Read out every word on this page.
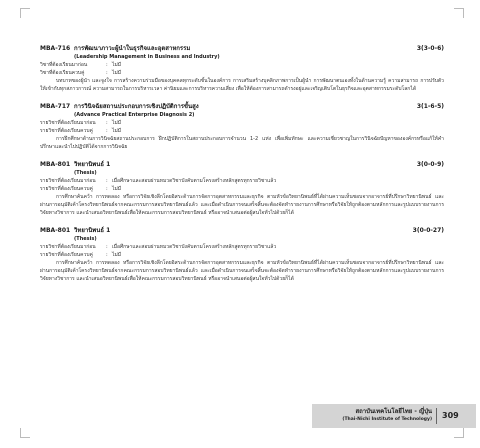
MBA-716 การพัฒนาภาวะผู้นำในธุรกิจและอุตสาหกรรม	3(3-0-6)
(Leadership Management in Business and Industry)
วิชาที่ต้องเรียนมาก่อน	: ไม่มี
วิชาที่ต้องเรียนควบคู่	: ไม่มี

บทบาทของผู้นำ และจูงใจ การสร้างความร่วมมือของบุคคลทุกระดับชั้นในองค์การ การเสริมสร้างบุคลิกภาพการเป็นผู้นำ การพัฒนาตนเองทั้งในด้านความรู้ ความสามารถ การปรับตัวให้เข้ากับทุกสภาวการณ์ ความสามารถในการบริหารเวลา ค่านิยมและการบริหารความเสี่ยง เพื่อให้ต้องการสามารถดำรงอยู่และเจริญเติบโตในธุรกิจและอุตสาหกรรมระดับโลกได้

MBA-717 การวินิจฉัยสถานประกอบการเชิงปฏิบัติการขั้นสูง	3(1-6-5)
(Advance Practical Enterprise Diagnosis 2)
รายวิชาที่ต้องเรียนมาก่อน	: ไม่มี
รายวิชาที่ต้องเรียนควบคู่	: ไม่มี

การฝึกศึกษาด้านการวินิจฉัยสถานประกอบการ ฝึกปฏิบัติการในสถานประกอบการจำนวน 1-2 แห่ง เพื่อเพิ่มทักษะ และความเชี่ยวชาญในการวินิจฉัยปัญหาขององค์กรหรือแก้ให้คำปรึกษาและนำไปปฏิบัติได้จากการวินิจฉัย

MBA-801 วิทยานิพนธ์ 1	3(0-0-9)
(Thesis)
รายวิชาที่ต้องเรียนมาก่อน	: เมื่อศึกษาและสอบผ่านหมวดวิชาบังคับตามโครงสร้างหลักสูตรทุกรายวิชาแล้ว
รายวิชาที่ต้องเรียนควบคู่	: ไม่มี

การศึกษาค้นคว้า การทดลอง หรือการวิจัยเชิงลึกโดยอิสระด้านการจัดการอุตสาหกรรมและธุรกิจ ตามหัวข้อวิทยานิพนธ์ที่ได้ผ่านความเห็นชอบจากอาจารย์ที่ปรึกษาวิทยานิพนธ์ และผ่านการอนุมัติเค้าโครงวิทยานิพนธ์จากคณะกรรมการสอบวิทยานิพนธ์แล้ว และเมื่อดำเนินการจนเสร็จสิ้นจะต้องจัดทำรายงานการศึกษาหรือวิจัยให้ถูกต้องตามหลักการและรูปแบบรายงานการวิจัยทางวิชาการ และนำเสนอวิทยานิพนธ์เพื่อให้คณะกรรมการสอบวิทยานิพนธ์ หรืออาจนำเสนอต่อผู้สนใจทั่วไปด้วยก็ได้

MBA-801 วิทยานิพนธ์ 1	3(0-0-27)
(Thesis)
รายวิชาที่ต้องเรียนมาก่อน	: เมื่อศึกษาและสอบผ่านหมวดวิชาบังคับตามโครงสร้างหลักสูตรทุกรายวิชาแล้ว
รายวิชาที่ต้องเรียนควบคู่	: ไม่มี

การศึกษาค้นคว้า การทดลอง หรือการวิจัยเชิงลึกโดยอิสระด้านการจัดการอุตสาหกรรมและธุรกิจ ตามหัวข้อวิทยานิพนธ์ที่ได้ผ่านความเห็นชอบจากอาจารย์ที่ปรึกษาวิทยานิพนธ์ และผ่านการอนุมัติเค้าโครงวิทยานิพนธ์จากคณะกรรมการสอบวิทยานิพนธ์แล้ว และเมื่อดำเนินการจนเสร็จสิ้นจะต้องจัดทำรายงานการศึกษาหรือวิจัยให้ถูกต้องตามหลักการและรูปแบบรายงานการวิจัยทางวิชาการ และนำเสนอวิทยานิพนธ์เพื่อให้คณะกรรมการสอบวิทยานิพนธ์ หรืออาจนำเสนอต่อผู้สนใจทั่วไปด้วยก็ได้

สถาบันเทคโนโลยีไทย - ญี่ปุ่น
(Thai-Nichi Institute of Technology) 309
